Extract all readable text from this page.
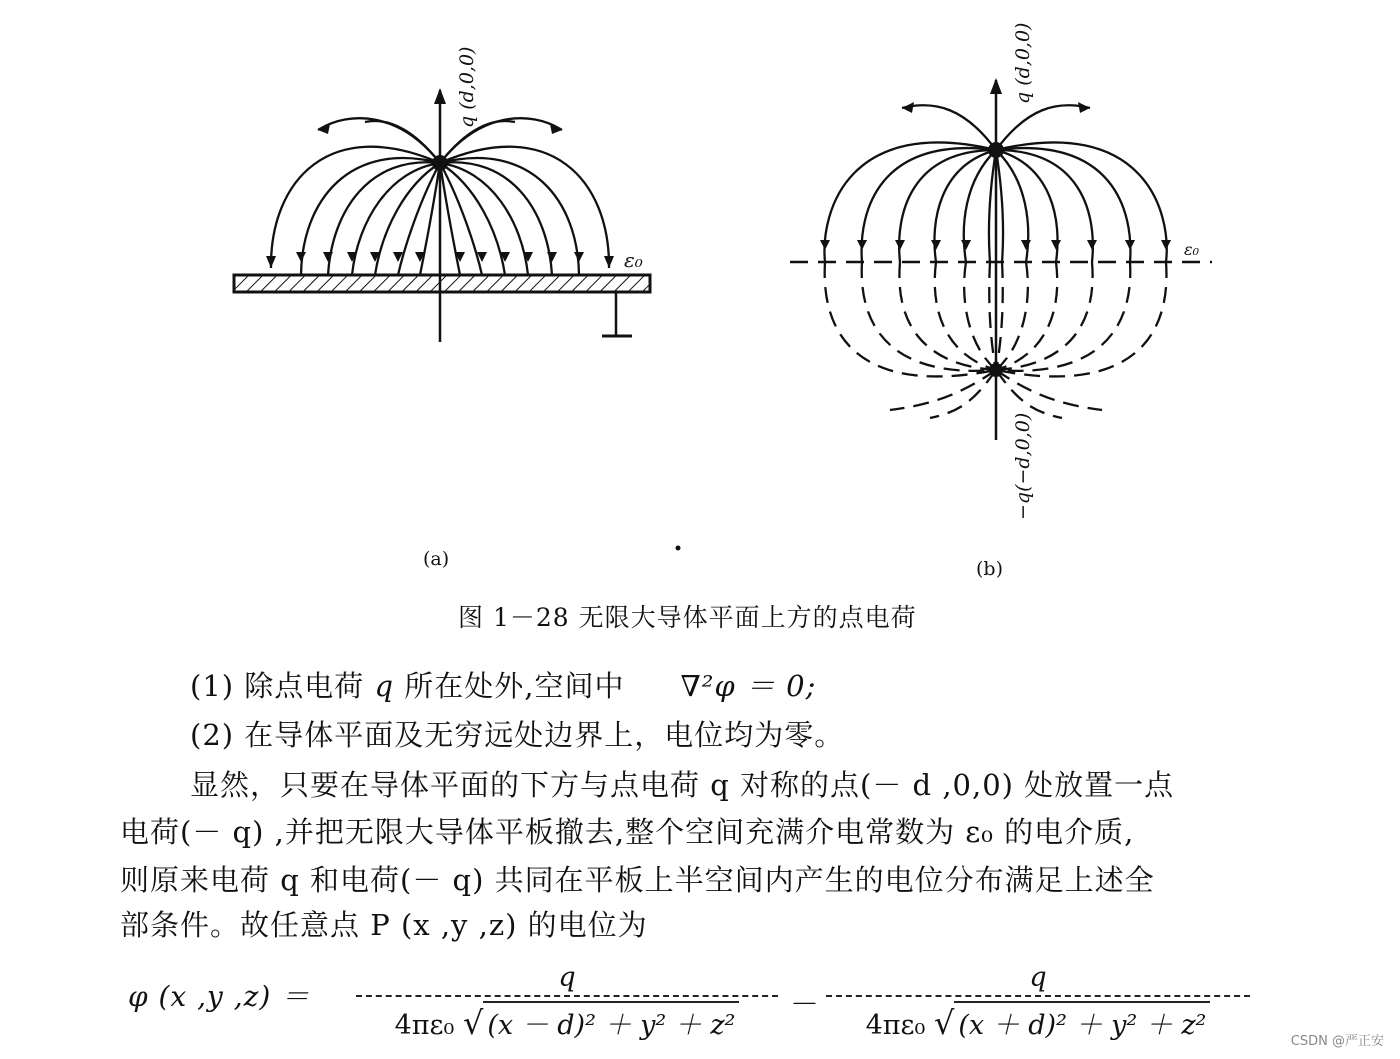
q (d,0,0)
ε₀
(a)
q (d,0,0)
−q(−d,0,0)
ε₀
(b)
图 1－28 无限大导体平面上方的点电荷
(1) 除点电荷 q 所在处外,空间中 ∇²φ ＝ 0;
(2) 在导体平面及无穷远处边界上，电位均为零。
显然，只要在导体平面的下方与点电荷 q 对称的点(－ d ,0,0) 处放置一点
电荷(－ q) ,并把无限大导体平板撤去,整个空间充满介电常数为 ε₀ 的电介质,
则原来电荷 q 和电荷(－ q) 共同在平板上半空间内产生的电位分布满足上述全
部条件。故任意点 P (x ,y ,z) 的电位为
φ (x ,y ,z) ＝
q
4πε₀ √ (x － d)² ＋ y² ＋ z²
－
q
4πε₀ √ (x ＋ d)² ＋ y² ＋ z²
CSDN @严正安
